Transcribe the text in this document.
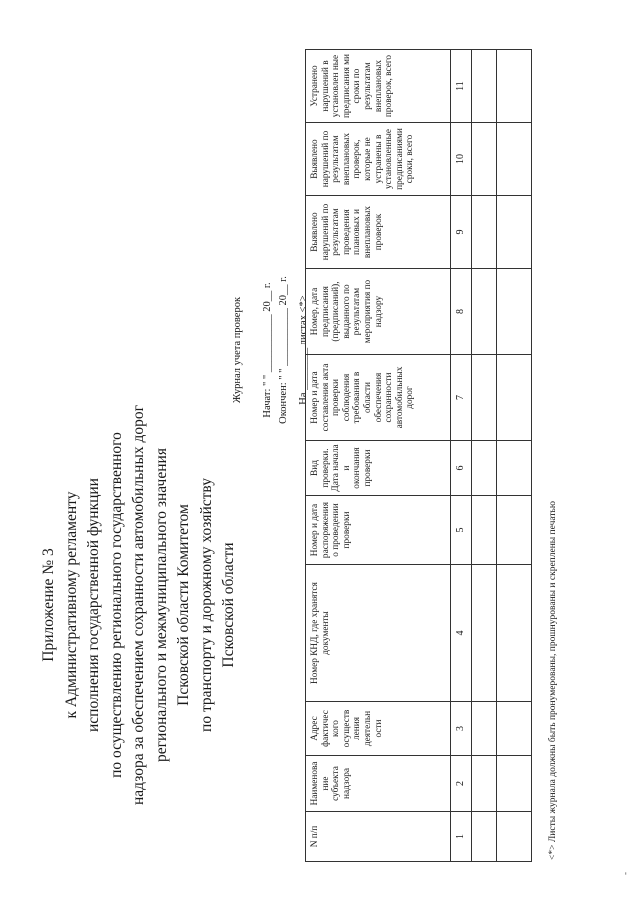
Приложение № 3 к Административному регламенту исполнения государственной функции по осуществлению регионального государственного надзора за обеспечением сохранности автомобильных дорог регионального и межмуниципального значения Псковской области Комитетом по транспорту и дорожному хозяйству Псковской области
Журнал учета проверок Начат: " " ___________ 20__ г. Окончен: " " ___________ 20__ г. На ________ листах <*>
N п/п	Наименова ние субъекта надзора	Адрес фактичес кого осуществ ления деятельн ости	Номер КНД, где хранятся документы	Номер и дата распоряжения о проведении проверки	Вид проверки. Дата начала и окончания проверки	Номер и дата составления акта проверки соблюдения требования в области обеспечения сохранности автомобильных дорог	Номер, дата предписания (предписаний), выданного по результатам мероприятия по надзору	Выявлено нарушений по результатам проведения плановых и внеплановых проверок	Выявлено нарушений по результатам внеплановых проверок, которые не устранены в установленные предписаниями сроки, всего	Устранено нарушений в установлен ные предписания ми сроки по результатам внеплановых проверок, всего
1	2	3	4	5	6	7	8	9	10	11

<*> Листы журнала должны быть пронумерованы, прошнурованы и скреплены печатью
-
